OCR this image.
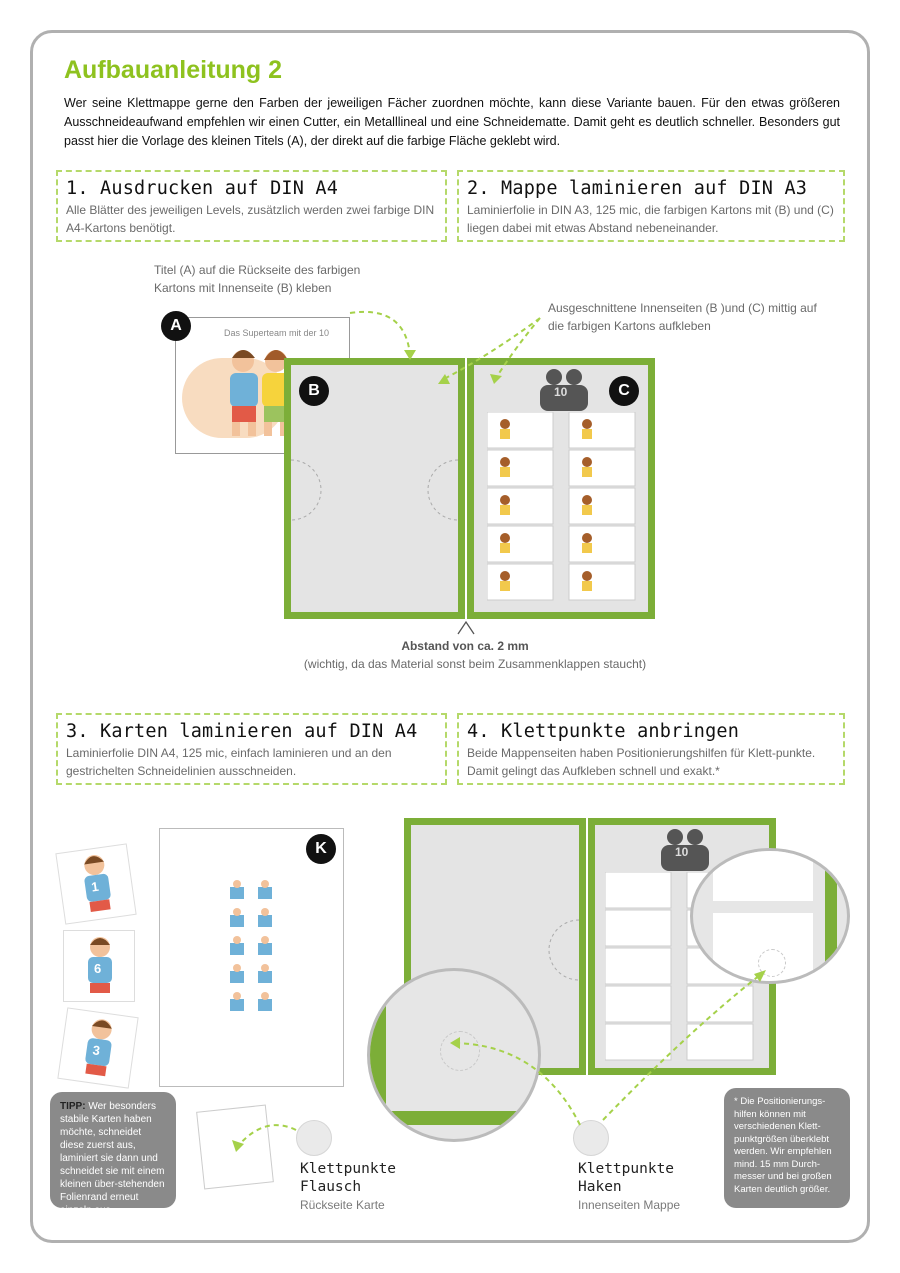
Aufbauanleitung 2
Wer seine Klettmappe gerne den Farben der jeweiligen Fächer zuordnen möchte, kann diese Variante bauen. Für den etwas größeren Ausschneideaufwand empfehlen wir einen Cutter, ein Metalllineal und eine Schneidematte. Damit geht es deutlich schneller. Besonders gut passt hier die Vorlage des kleinen Titels (A), der direkt auf die farbige Fläche geklebt wird.
1. Ausdrucken auf DIN A4

Alle Blätter des jeweiligen Levels, zusätzlich werden zwei farbige DIN A4-Kartons benötigt.

2. Mappe laminieren auf DIN A3

Laminierfolie in DIN A3, 125 mic, die farbigen Kartons mit (B) und (C) liegen dabei mit etwas Abstand nebeneinander.

Titel (A) auf die Rückseite des farbigen Kartons mit Innenseite (B) kleben
Ausgeschnittene Innenseiten (B )und (C) mittig auf die farbigen Kartons aufkleben
Das Superteam mit der 10
A
10
B	C
Abstand von ca. 2 mm
(wichtig, da das Material sonst beim Zusammenklappen staucht)
3. Karten laminieren auf DIN A4

Laminierfolie DIN A4, 125 mic, einfach laminieren und an den gestrichelten Schneidelinien ausschneiden.

4. Klettpunkte anbringen

Beide Mappenseiten haben Positionierungshilfen für Klett-punkte. Damit gelingt das Aufkleben schnell und exakt.*

1
6
3
K	10
TIPP: Wer besonders stabile Karten haben möchte, schneidet diese zuerst aus, laminiert sie dann und schneidet sie mit einem kleinen über-stehenden Folienrand erneut einzeln aus.
Klettpunkte Flausch
Rückseite Karte
Klettpunkte Haken
Innenseiten Mappe
* Die Positionierungs-hilfen können mit verschiedenen Klett-punktgrößen überklebt werden. Wir empfehlen mind. 15 mm Durch-messer und bei großen Karten deutlich größer.
